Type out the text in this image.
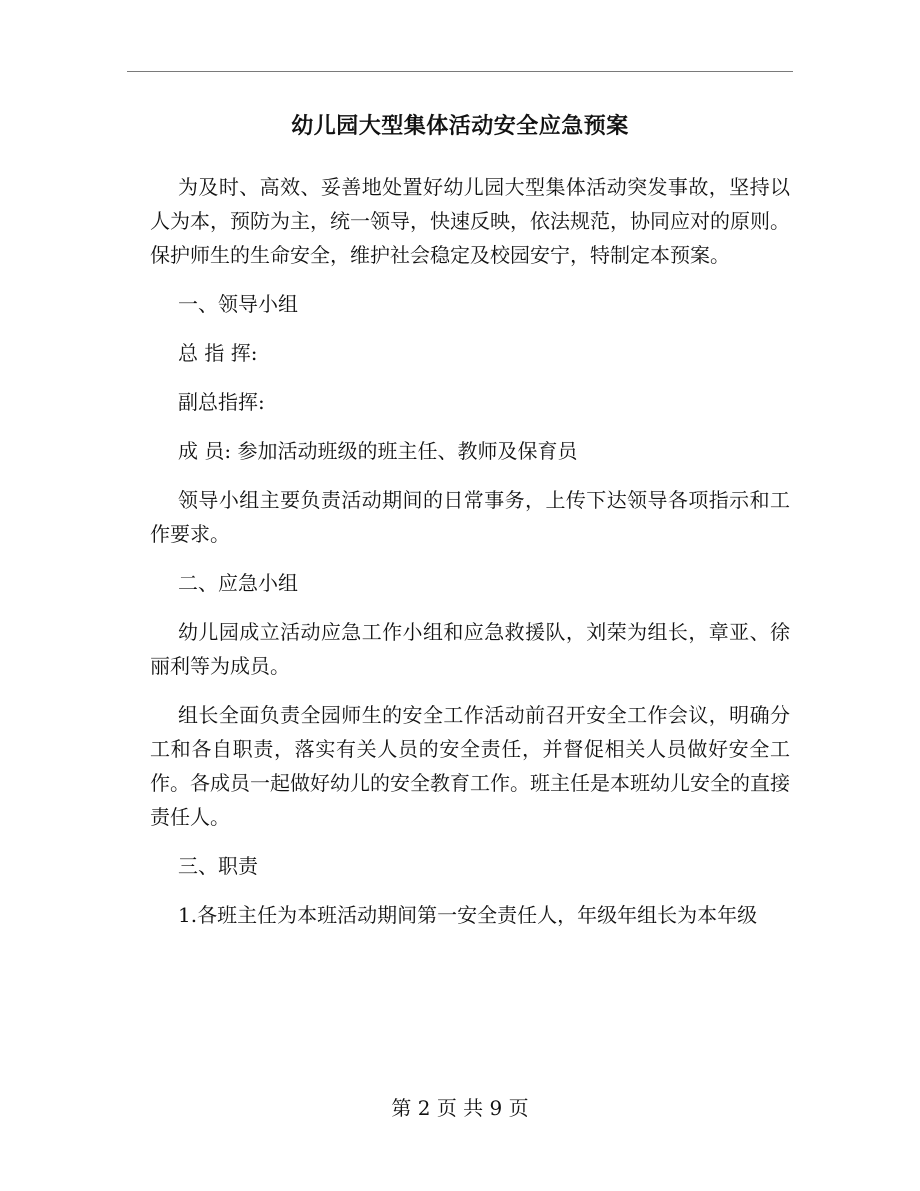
幼儿园大型集体活动安全应急预案

为及时、高效、妥善地处置好幼儿园大型集体活动突发事故，坚持以人为本，预防为主，统一领导，快速反映，依法规范，协同应对的原则。保护师生的生命安全，维护社会稳定及校园安宁，特制定本预案。

一、领导小组

总 指 挥:

副总指挥:

成 员: 参加活动班级的班主任、教师及保育员

领导小组主要负责活动期间的日常事务，上传下达领导各项指示和工作要求。

二、应急小组

幼儿园成立活动应急工作小组和应急救援队，刘荣为组长，章亚、徐丽利等为成员。

组长全面负责全园师生的安全工作活动前召开安全工作会议，明确分工和各自职责，落实有关人员的安全责任，并督促相关人员做好安全工作。各成员一起做好幼儿的安全教育工作。班主任是本班幼儿安全的直接责任人。

三、职责

1.各班主任为本班活动期间第一安全责任人，年级年组长为本年级

第 2 页 共 9 页
